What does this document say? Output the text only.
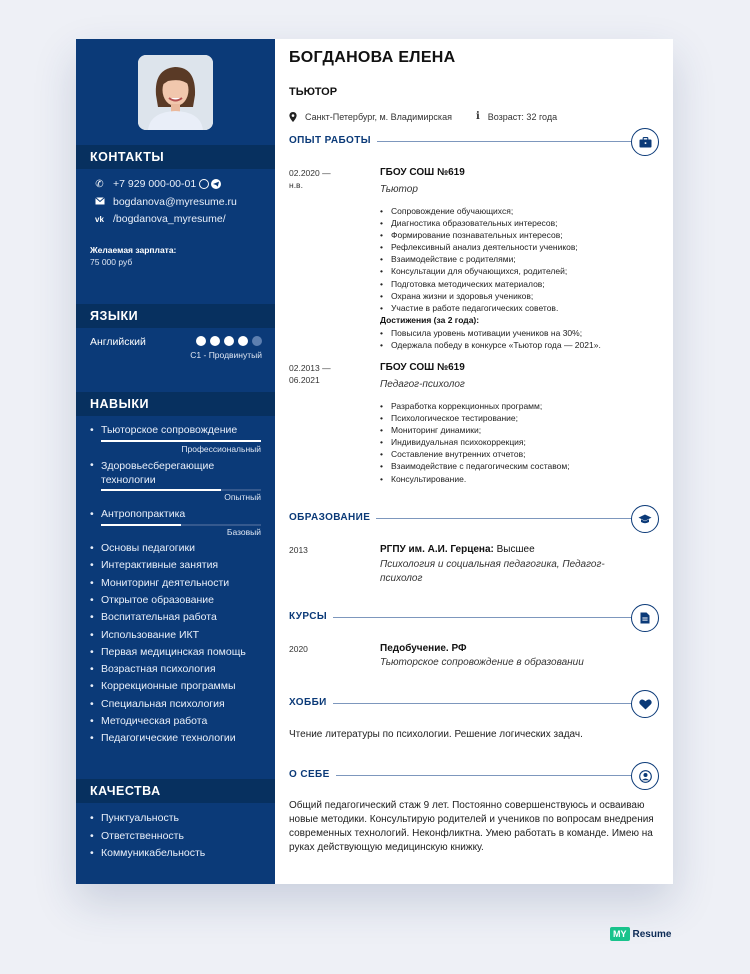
КОНТАКТЫ
✆ +7 929 000-00-01
bogdanova@myresume.ru
vk /bogdanova_myresume/
Желаемая зарплата:
75 000 руб
ЯЗЫКИ
Английский
C1 - Продвинутый
НАВЫКИ
• Тьюторское сопровождение
Профессиональный
• Здоровьесберегающие технологии
Опытный
• Антропопрактика
Базовый
• Основы педагогики
• Интерактивные занятия
• Мониторинг деятельности
• Открытое образование
• Воспитательная работа
• Использование ИКТ
• Первая медицинская помощь
• Возрастная психология
• Коррекционные программы
• Специальная психология
• Методическая работа
• Педагогические технологии
КАЧЕСТВА
• Пунктуальность
• Ответственность
• Коммуникабельность
БОГДАНОВА ЕЛЕНА
ТЬЮТОР
Санкт-Петербург, м. Владимирская i Возраст: 32 года
ОПЫТ РАБОТЫ
02.2020 —
н.в.
ГБОУ СОШ №619
Тьютор
• Сопровождение обучающихся;
• Диагностика образовательных интересов;
• Формирование познавательных интересов;
• Рефлексивный анализ деятельности учеников;
• Взаимодействие с родителями;
• Консультации для обучающихся, родителей;
• Подготовка методических материалов;
• Охрана жизни и здоровья учеников;
• Участие в работе педагогических советов.
Достижения (за 2 года):
• Повысила уровень мотивации учеников на 30%;
• Одержала победу в конкурсе «Тьютор года — 2021».
02.2013 —
06.2021
ГБОУ СОШ №619
Педагог-психолог
• Разработка коррекционных программ;
• Психологическое тестирование;
• Мониторинг динамики;
• Индивидуальная психокоррекция;
• Составление внутренних отчетов;
• Взаимодействие с педагогическим составом;
• Консультирование.
ОБРАЗОВАНИЕ
2013	РГПУ им. А.И. Герцена: Высшее
Психология и социальная педагогика, Педагог-психолог
КУРСЫ
2020	Педобучение. РФ
Тьюторское сопровождение в образовании
ХОББИ
Чтение литературы по психологии. Решение логических задач.
О СЕБЕ
Общий педагогический стаж 9 лет. Постоянно совершенствуюсь и осваиваю новые методики. Консультирую родителей и учеников по вопросам внедрения современных технологий. Неконфликтна. Умею работать в команде. Имею на руках действующую медицинскую книжку.
MY Resume
